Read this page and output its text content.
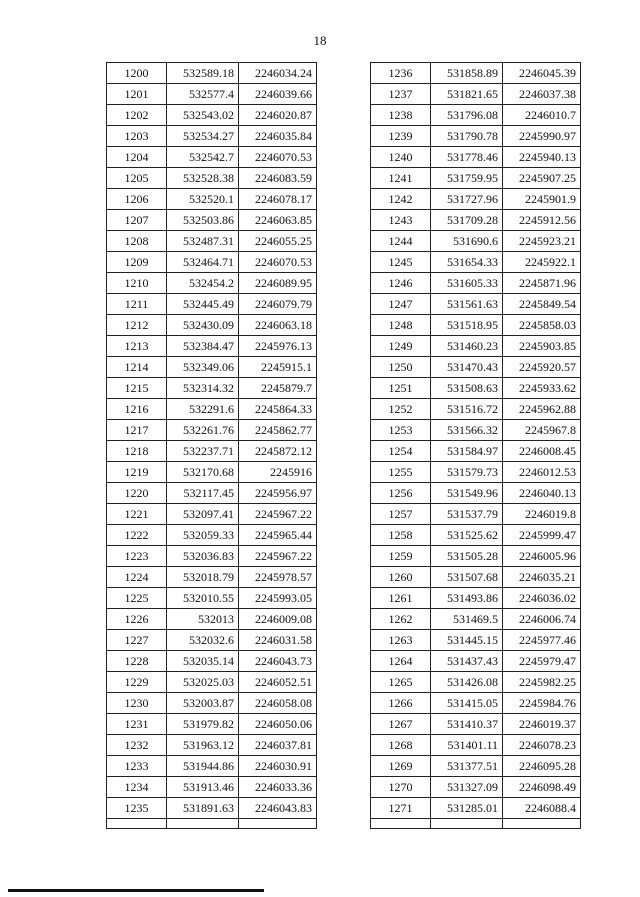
18
1200	532589.18	2246034.24
1201	532577.4	2246039.66
1202	532543.02	2246020.87
1203	532534.27	2246035.84
1204	532542.7	2246070.53
1205	532528.38	2246083.59
1206	532520.1	2246078.17
1207	532503.86	2246063.85
1208	532487.31	2246055.25
1209	532464.71	2246070.53
1210	532454.2	2246089.95
1211	532445.49	2246079.79
1212	532430.09	2246063.18
1213	532384.47	2245976.13
1214	532349.06	2245915.1
1215	532314.32	2245879.7
1216	532291.6	2245864.33
1217	532261.76	2245862.77
1218	532237.71	2245872.12
1219	532170.68	2245916
1220	532117.45	2245956.97
1221	532097.41	2245967.22
1222	532059.33	2245965.44
1223	532036.83	2245967.22
1224	532018.79	2245978.57
1225	532010.55	2245993.05
1226	532013	2246009.08
1227	532032.6	2246031.58
1228	532035.14	2246043.73
1229	532025.03	2246052.51
1230	532003.87	2246058.08
1231	531979.82	2246050.06
1232	531963.12	2246037.81
1233	531944.86	2246030.91
1234	531913.46	2246033.36
1235	531891.63	2246043.83

1236	531858.89	2246045.39
1237	531821.65	2246037.38
1238	531796.08	2246010.7
1239	531790.78	2245990.97
1240	531778.46	2245940.13
1241	531759.95	2245907.25
1242	531727.96	2245901.9
1243	531709.28	2245912.56
1244	531690.6	2245923.21
1245	531654.33	2245922.1
1246	531605.33	2245871.96
1247	531561.63	2245849.54
1248	531518.95	2245858.03
1249	531460.23	2245903.85
1250	531470.43	2245920.57
1251	531508.63	2245933.62
1252	531516.72	2245962.88
1253	531566.32	2245967.8
1254	531584.97	2246008.45
1255	531579.73	2246012.53
1256	531549.96	2246040.13
1257	531537.79	2246019.8
1258	531525.62	2245999.47
1259	531505.28	2246005.96
1260	531507.68	2246035.21
1261	531493.86	2246036.02
1262	531469.5	2246006.74
1263	531445.15	2245977.46
1264	531437.43	2245979.47
1265	531426.08	2245982.25
1266	531415.05	2245984.76
1267	531410.37	2246019.37
1268	531401.11	2246078.23
1269	531377.51	2246095.28
1270	531327.09	2246098.49
1271	531285.01	2246088.4
